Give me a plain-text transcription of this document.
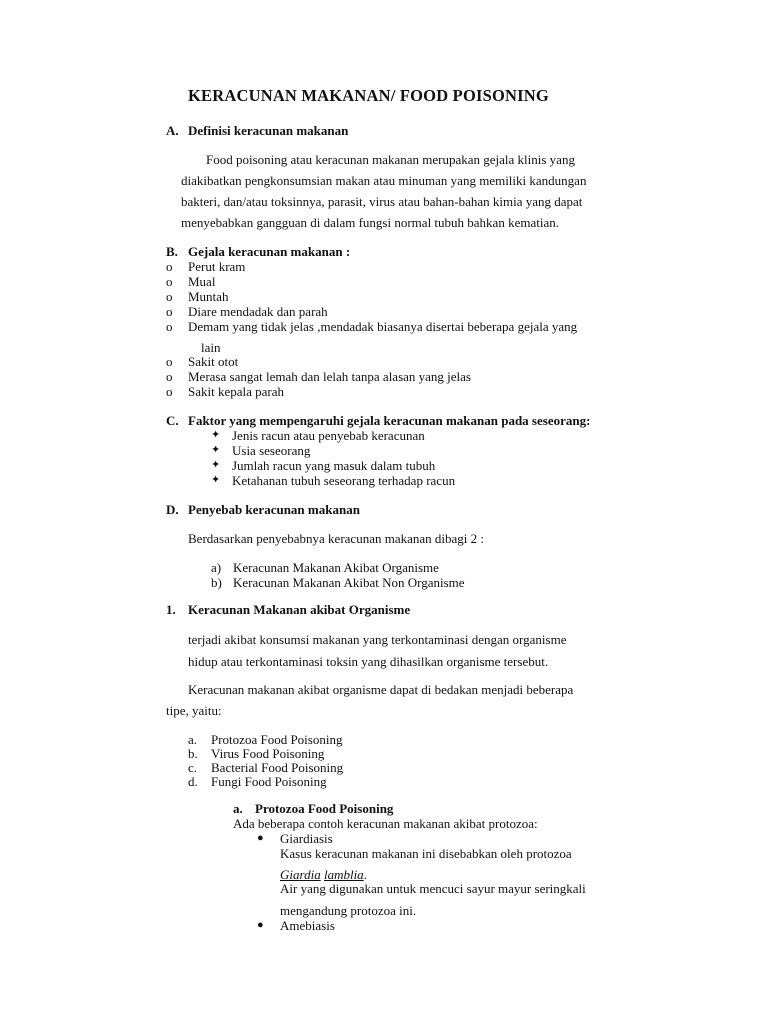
KERACUNAN MAKANAN/ FOOD POISONING
A. Definisi keracunan makanan
Food poisoning atau keracunan makanan merupakan gejala klinis yang
diakibatkan pengkonsumsian makan atau minuman yang memiliki kandungan
bakteri, dan/atau toksinnya, parasit, virus atau bahan-bahan kimia yang dapat
menyebabkan gangguan di dalam fungsi normal tubuh bahkan kematian.
B. Gejala keracunan makanan :
o Perut kram
o Mual
o Muntah
o Diare mendadak dan parah
o Demam yang tidak jelas ,mendadak biasanya disertai beberapa gejala yang
lain
o Sakit otot
o Merasa sangat lemah dan lelah tanpa alasan yang jelas
o Sakit kepala parah
C. Faktor yang mempengaruhi gejala keracunan makanan pada seseorang:
✦ Jenis racun atau penyebab keracunan
✦ Usia seseorang
✦ Jumlah racun yang masuk dalam tubuh
✦ Ketahanan tubuh seseorang terhadap racun
D. Penyebab keracunan makanan
Berdasarkan penyebabnya keracunan makanan dibagi 2 :
a) Keracunan Makanan Akibat Organisme
b) Keracunan Makanan Akibat Non Organisme
1. Keracunan Makanan akibat Organisme
terjadi akibat konsumsi makanan yang terkontaminasi dengan organisme
hidup atau terkontaminasi toksin yang dihasilkan organisme tersebut.
Keracunan makanan akibat organisme dapat di bedakan menjadi beberapa
tipe, yaitu:
a. Protozoa Food Poisoning
b. Virus Food Poisoning
c. Bacterial Food Poisoning
d. Fungi Food Poisoning
a. Protozoa Food Poisoning
Ada beberapa contoh keracunan makanan akibat protozoa:
● Giardiasis
Kasus keracunan makanan ini disebabkan oleh protozoa
Giardia lamblia.
Air yang digunakan untuk mencuci sayur mayur seringkali
mengandung protozoa ini.
● Amebiasis
